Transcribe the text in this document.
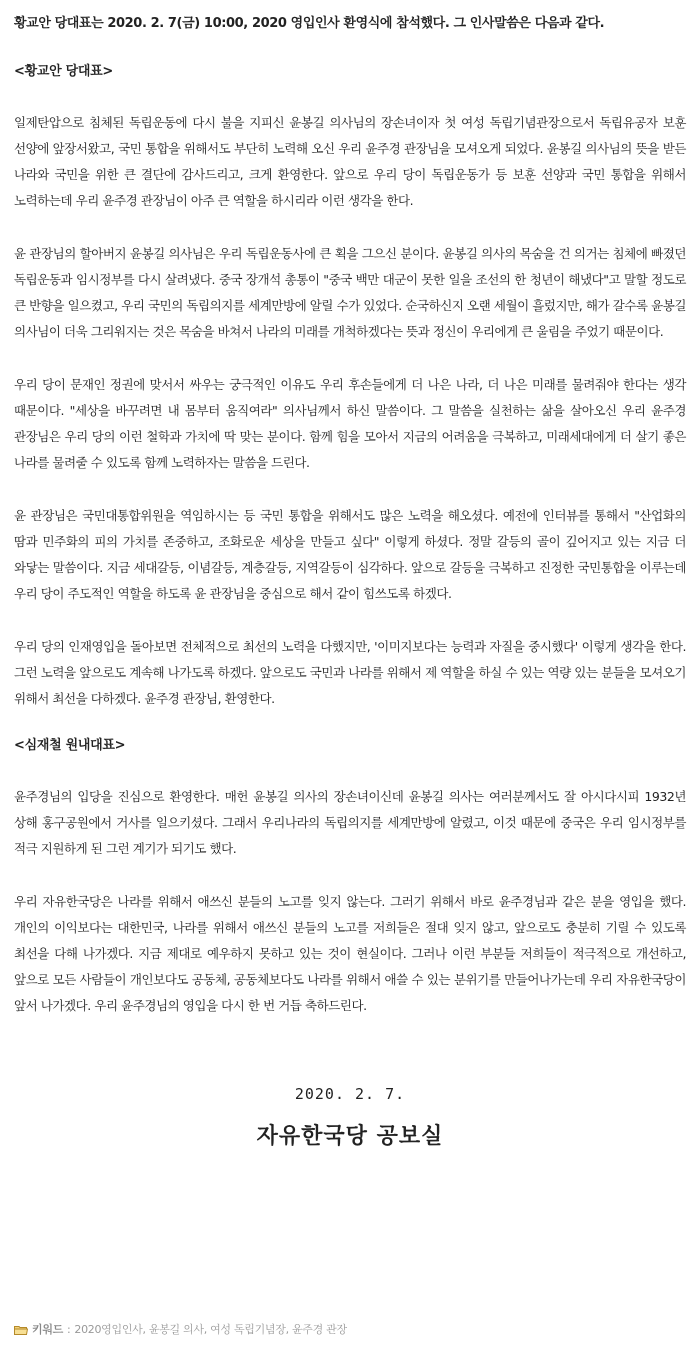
황교안 당대표는 2020. 2. 7(금) 10:00, 2020 영입인사 환영식에 참석했다. 그 인사말씀은 다음과 같다.

<황교안 당대표>

일제탄압으로 침체된 독립운동에 다시 불을 지피신 윤봉길 의사님의 장손녀이자 첫 여성 독립기념관장으로서 독립유공자 보훈 선양에 앞장서왔고, 국민 통합을 위해서도 부단히 노력해 오신 우리 윤주경 관장님을 모셔오게 되었다. 윤봉길 의사님의 뜻을 받든 나라와 국민을 위한 큰 결단에 감사드리고, 크게 환영한다. 앞으로 우리 당이 독립운동가 등 보훈 선양과 국민 통합을 위해서 노력하는데 우리 윤주경 관장님이 아주 큰 역할을 하시리라 이런 생각을 한다.

윤 관장님의 할아버지 윤봉길 의사님은 우리 독립운동사에 큰 획을 그으신 분이다. 윤봉길 의사의 목숨을 건 의거는 침체에 빠졌던 독립운동과 임시정부를 다시 살려냈다. 중국 장개석 총통이 "중국 백만 대군이 못한 일을 조선의 한 청년이 해냈다"고 말할 정도로 큰 반향을 일으켰고, 우리 국민의 독립의지를 세계만방에 알릴 수가 있었다. 순국하신지 오랜 세월이 흘렀지만, 해가 갈수록 윤봉길 의사님이 더욱 그리워지는 것은 목숨을 바쳐서 나라의 미래를 개척하겠다는 뜻과 정신이 우리에게 큰 울림을 주었기 때문이다.

우리 당이 문재인 정권에 맞서서 싸우는 궁극적인 이유도 우리 후손들에게 더 나은 나라, 더 나은 미래를 물려줘야 한다는 생각 때문이다. "세상을 바꾸려면 내 몸부터 움직여라" 의사님께서 하신 말씀이다. 그 말씀을 실천하는 삶을 살아오신 우리 윤주경 관장님은 우리 당의 이런 철학과 가치에 딱 맞는 분이다. 함께 힘을 모아서 지금의 어려움을 극복하고, 미래세대에게 더 살기 좋은 나라를 물려줄 수 있도록 함께 노력하자는 말씀을 드린다.

윤 관장님은 국민대통합위원을 역임하시는 등 국민 통합을 위해서도 많은 노력을 해오셨다. 예전에 인터뷰를 통해서 "산업화의 땀과 민주화의 피의 가치를 존중하고, 조화로운 세상을 만들고 싶다" 이렇게 하셨다. 정말 갈등의 골이 깊어지고 있는 지금 더 와닿는 말씀이다. 지금 세대갈등, 이념갈등, 계층갈등, 지역갈등이 심각하다. 앞으로 갈등을 극복하고 진정한 국민통합을 이루는데 우리 당이 주도적인 역할을 하도록 윤 관장님을 중심으로 해서 같이 힘쓰도록 하겠다.

우리 당의 인재영입을 돌아보면 전체적으로 최선의 노력을 다했지만, '이미지보다는 능력과 자질을 중시했다' 이렇게 생각을 한다. 그런 노력을 앞으로도 계속해 나가도록 하겠다. 앞으로도 국민과 나라를 위해서 제 역할을 하실 수 있는 역량 있는 분들을 모셔오기 위해서 최선을 다하겠다. 윤주경 관장님, 환영한다.

<심재철 원내대표>

윤주경님의 입당을 진심으로 환영한다. 매헌 윤봉길 의사의 장손녀이신데 윤봉길 의사는 여러분께서도 잘 아시다시피 1932년 상해 홍구공원에서 거사를 일으키셨다. 그래서 우리나라의 독립의지를 세계만방에 알렸고, 이것 때문에 중국은 우리 임시정부를 적극 지원하게 된 그런 계기가 되기도 했다.

우리 자유한국당은 나라를 위해서 애쓰신 분들의 노고를 잊지 않는다. 그러기 위해서 바로 윤주경님과 같은 분을 영입을 했다. 개인의 이익보다는 대한민국, 나라를 위해서 애쓰신 분들의 노고를 저희들은 절대 잊지 않고, 앞으로도 충분히 기릴 수 있도록 최선을 다해 나가겠다. 지금 제대로 예우하지 못하고 있는 것이 현실이다. 그러나 이런 부분들 저희들이 적극적으로 개선하고, 앞으로 모든 사람들이 개인보다도 공동체, 공동체보다도 나라를 위해서 애쓸 수 있는 분위기를 만들어나가는데 우리 자유한국당이 앞서 나가겠다. 우리 윤주경님의 영입을 다시 한 번 거듭 축하드린다.

2020. 2. 7.
자유한국당 공보실
키워드 : 2020영입인사, 윤봉길 의사, 여성 독립기념장, 윤주경 관장
